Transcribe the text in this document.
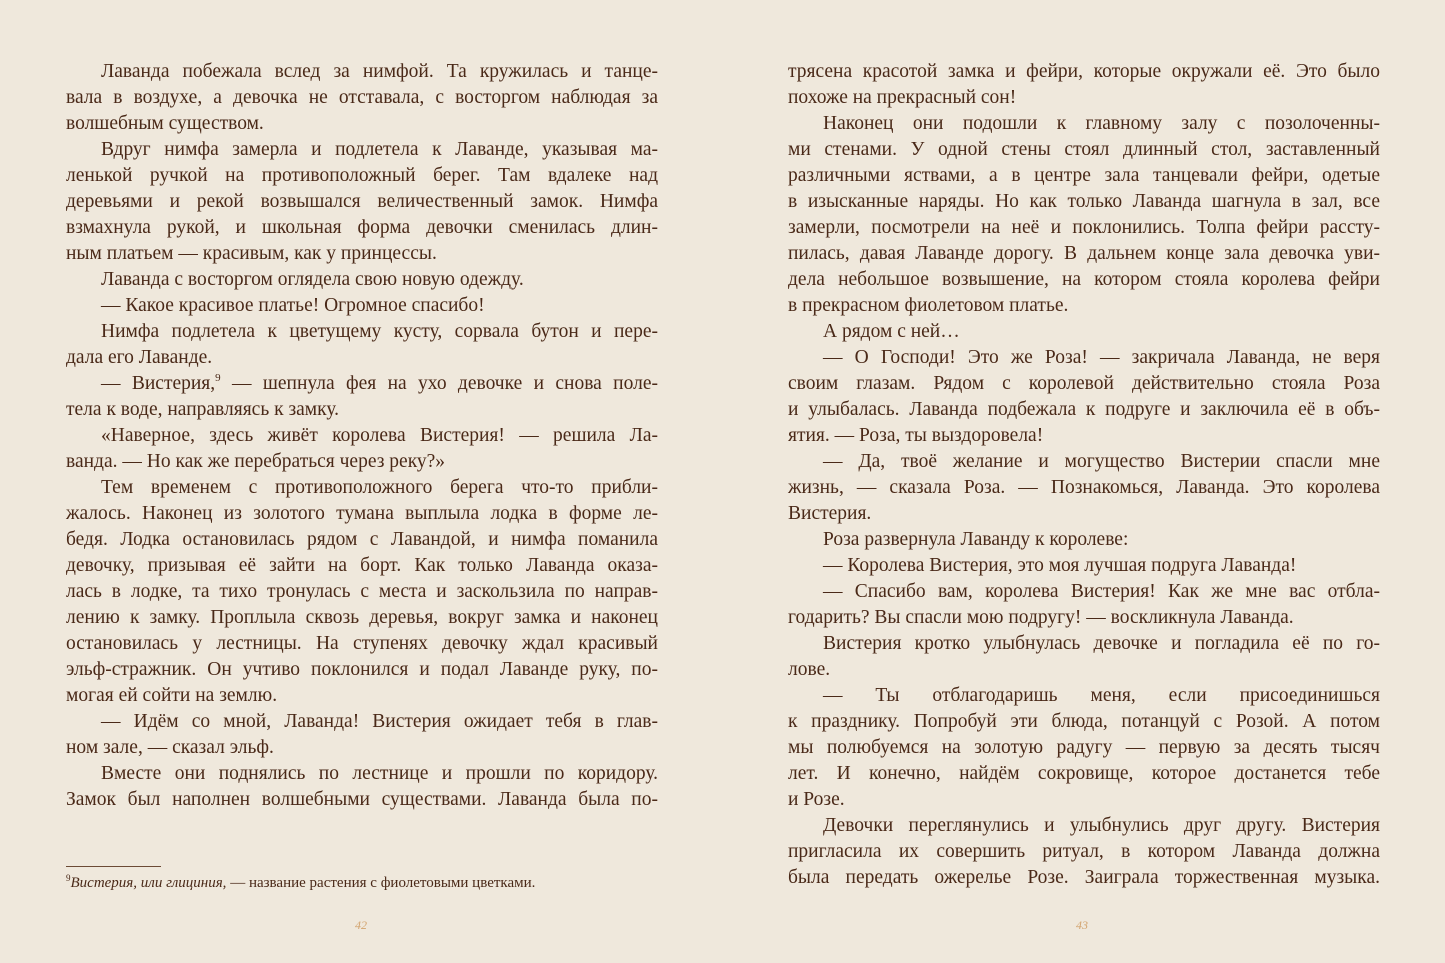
Лаванда побежала вслед за нимфой. Та кружилась и танце-
вала в воздухе, а девочка не отставала, с восторгом наблюдая за
волшебным существом.
Вдруг нимфа замерла и подлетела к Лаванде, указывая ма-
ленькой ручкой на противоположный берег. Там вдалеке над
деревьями и рекой возвышался величественный замок. Нимфа
взмахнула рукой, и школьная форма девочки сменилась длин-
ным платьем — красивым, как у принцессы.
Лаванда с восторгом оглядела свою новую одежду.
— Какое красивое платье! Огромное спасибо!
Нимфа подлетела к цветущему кусту, сорвала бутон и пере-
дала его Лаванде.
— Вистерия,$^9$ — шепнула фея на ухо девочке и снова поле-
тела к воде, направляясь к замку.
«Наверное, здесь живёт королева Вистерия! — решила Ла-
ванда. — Но как же перебраться через реку?»
Тем временем с противоположного берега что-то прибли-
жалось. Наконец из золотого тумана выплыла лодка в форме ле-
бедя. Лодка остановилась рядом с Лавандой, и нимфа поманила
девочку, призывая её зайти на борт. Как только Лаванда оказа-
лась в лодке, та тихо тронулась с места и заскользила по направ-
лению к замку. Проплыла сквозь деревья, вокруг замка и наконец
остановилась у лестницы. На ступенях девочку ждал красивый
эльф-стражник. Он учтиво поклонился и подал Лаванде руку, по-
могая ей сойти на землю.
— Идём со мной, Лаванда! Вистерия ожидает тебя в глав-
ном зале, — сказал эльф.
Вместе они поднялись по лестнице и прошли по коридору.
Замок был наполнен волшебными существами. Лаванда была по-
$^9$Вистерия, или глициния, — название растения с фиолетовыми цветками.
42
трясена красотой замка и фейри, которые окружали её. Это было
похоже на прекрасный сон!
Наконец они подошли к главному залу с позолоченны-
ми стенами. У одной стены стоял длинный стол, заставленный
различными яствами, а в центре зала танцевали фейри, одетые
в изысканные наряды. Но как только Лаванда шагнула в зал, все
замерли, посмотрели на неё и поклонились. Толпа фейри рассту-
пилась, давая Лаванде дорогу. В дальнем конце зала девочка уви-
дела небольшое возвышение, на котором стояла королева фейри
в прекрасном фиолетовом платье.
А рядом с ней…
— О Господи! Это же Роза! — закричала Лаванда, не веря
своим глазам. Рядом с королевой действительно стояла Роза
и улыбалась. Лаванда подбежала к подруге и заключила её в объ-
ятия. — Роза, ты выздоровела!
— Да, твоё желание и могущество Вистерии спасли мне
жизнь, — сказала Роза. — Познакомься, Лаванда. Это королева
Вистерия.
Роза развернула Лаванду к королеве:
— Королева Вистерия, это моя лучшая подруга Лаванда!
— Спасибо вам, королева Вистерия! Как же мне вас отбла-
годарить? Вы спасли мою подругу! — воскликнула Лаванда.
Вистерия кротко улыбнулась девочке и погладила её по го-
лове.
— Ты отблагодаришь меня, если присоединишься
к празднику. Попробуй эти блюда, потанцуй с Розой. А потом
мы полюбуемся на золотую радугу — первую за десять тысяч
лет. И конечно, найдём сокровище, которое достанется тебе
и Розе.
Девочки переглянулись и улыбнулись друг другу. Вистерия
пригласила их совершить ритуал, в котором Лаванда должна
была передать ожерелье Розе. Заиграла торжественная музыка.
43
